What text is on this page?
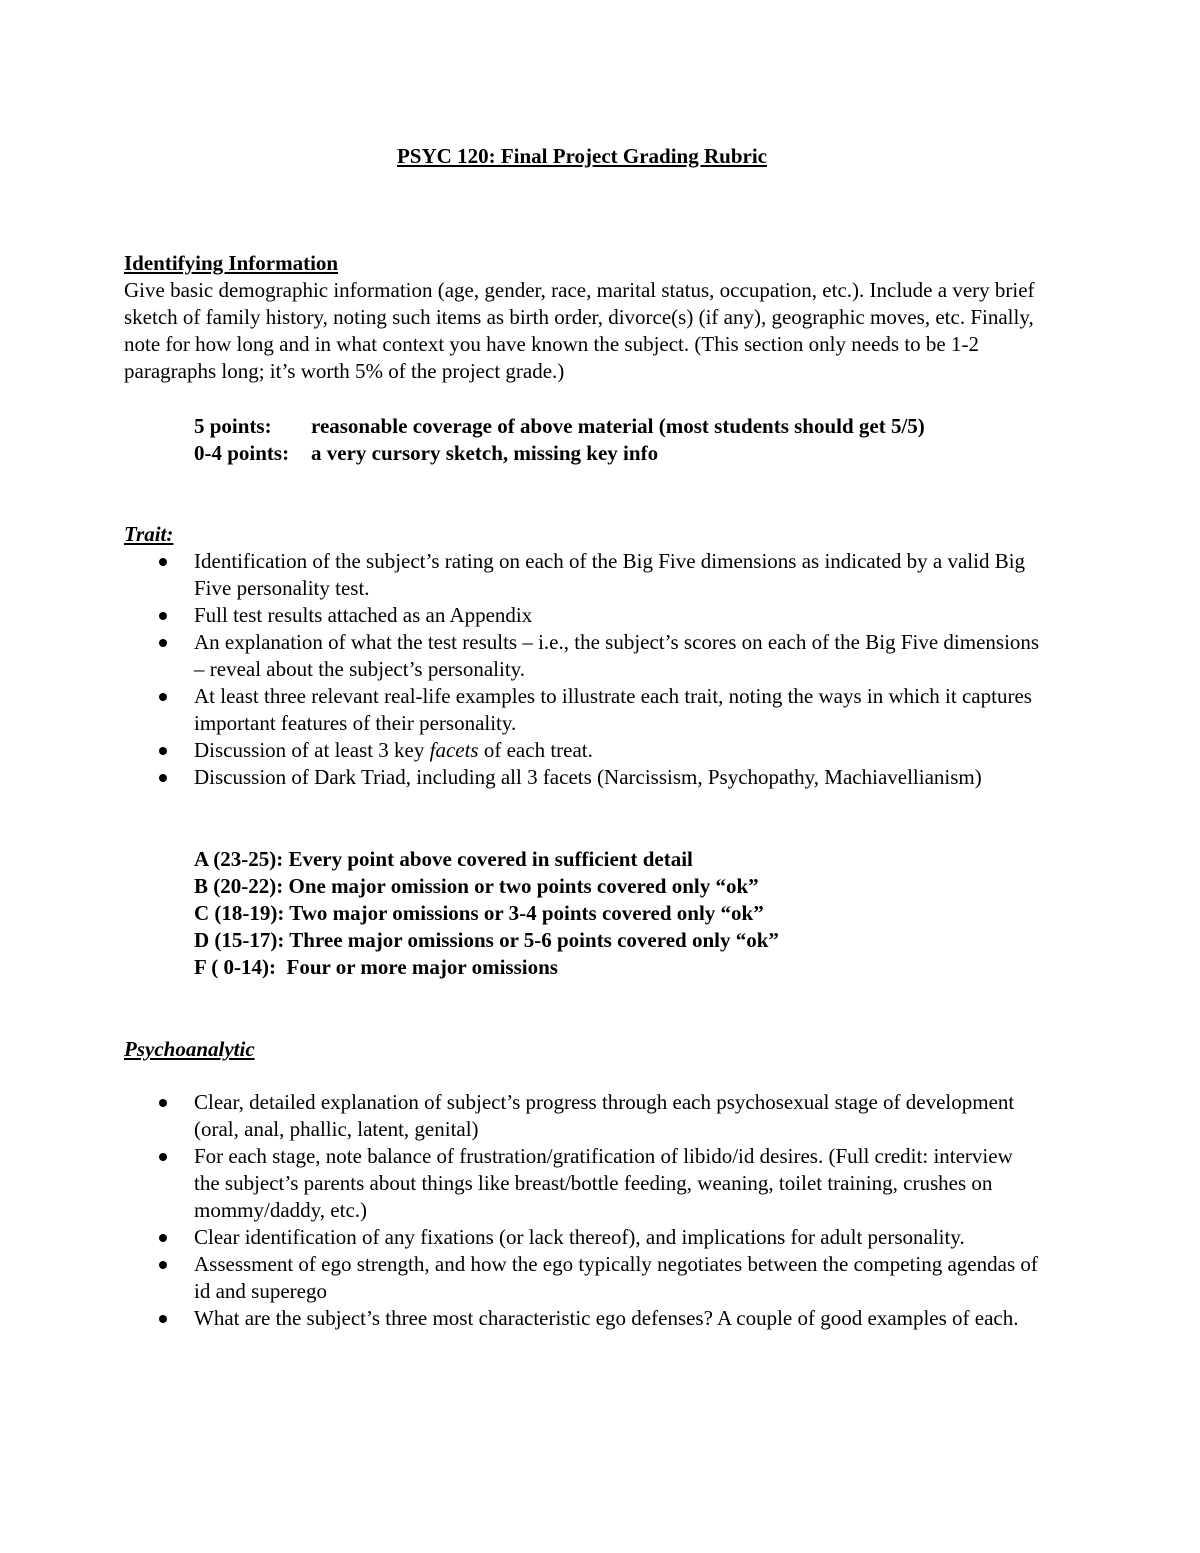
PSYC 120: Final Project Grading Rubric
Identifying Information

Give basic demographic information (age, gender, race, marital status, occupation, etc.). Include a very brief sketch of family history, noting such items as birth order, divorce(s) (if any), geographic moves, etc. Finally, note for how long and in what context you have known the subject. (This section only needs to be 1-2 paragraphs long; it’s worth 5% of the project grade.)

5 points:	reasonable coverage of above material (most students should get 5/5)
0-4 points:	a very cursory sketch, missing key info
Trait:
Identification of the subject’s rating on each of the Big Five dimensions as indicated by a valid Big Five personality test.
Full test results attached as an Appendix
An explanation of what the test results – i.e., the subject’s scores on each of the Big Five dimensions – reveal about the subject’s personality.
At least three relevant real-life examples to illustrate each trait, noting the ways in which it captures important features of their personality.
Discussion of at least 3 key facets of each treat.
Discussion of Dark Triad, including all 3 facets (Narcissism, Psychopathy, Machiavellianism)
A (23-25): Every point above covered in sufficient detail
B (20-22): One major omission or two points covered only “ok”
C (18-19): Two major omissions or 3-4 points covered only “ok”
D (15-17): Three major omissions or 5-6 points covered only “ok”
F ( 0-14):  Four or more major omissions
Psychoanalytic
Clear, detailed explanation of subject’s progress through each psychosexual stage of development (oral, anal, phallic, latent, genital)
For each stage, note balance of frustration/gratification of libido/id desires. (Full credit: interview the subject’s parents about things like breast/bottle feeding, weaning, toilet training, crushes on mommy/daddy, etc.)
Clear identification of any fixations (or lack thereof), and implications for adult personality.
Assessment of ego strength, and how the ego typically negotiates between the competing agendas of id and superego
What are the subject’s three most characteristic ego defenses? A couple of good examples of each.
